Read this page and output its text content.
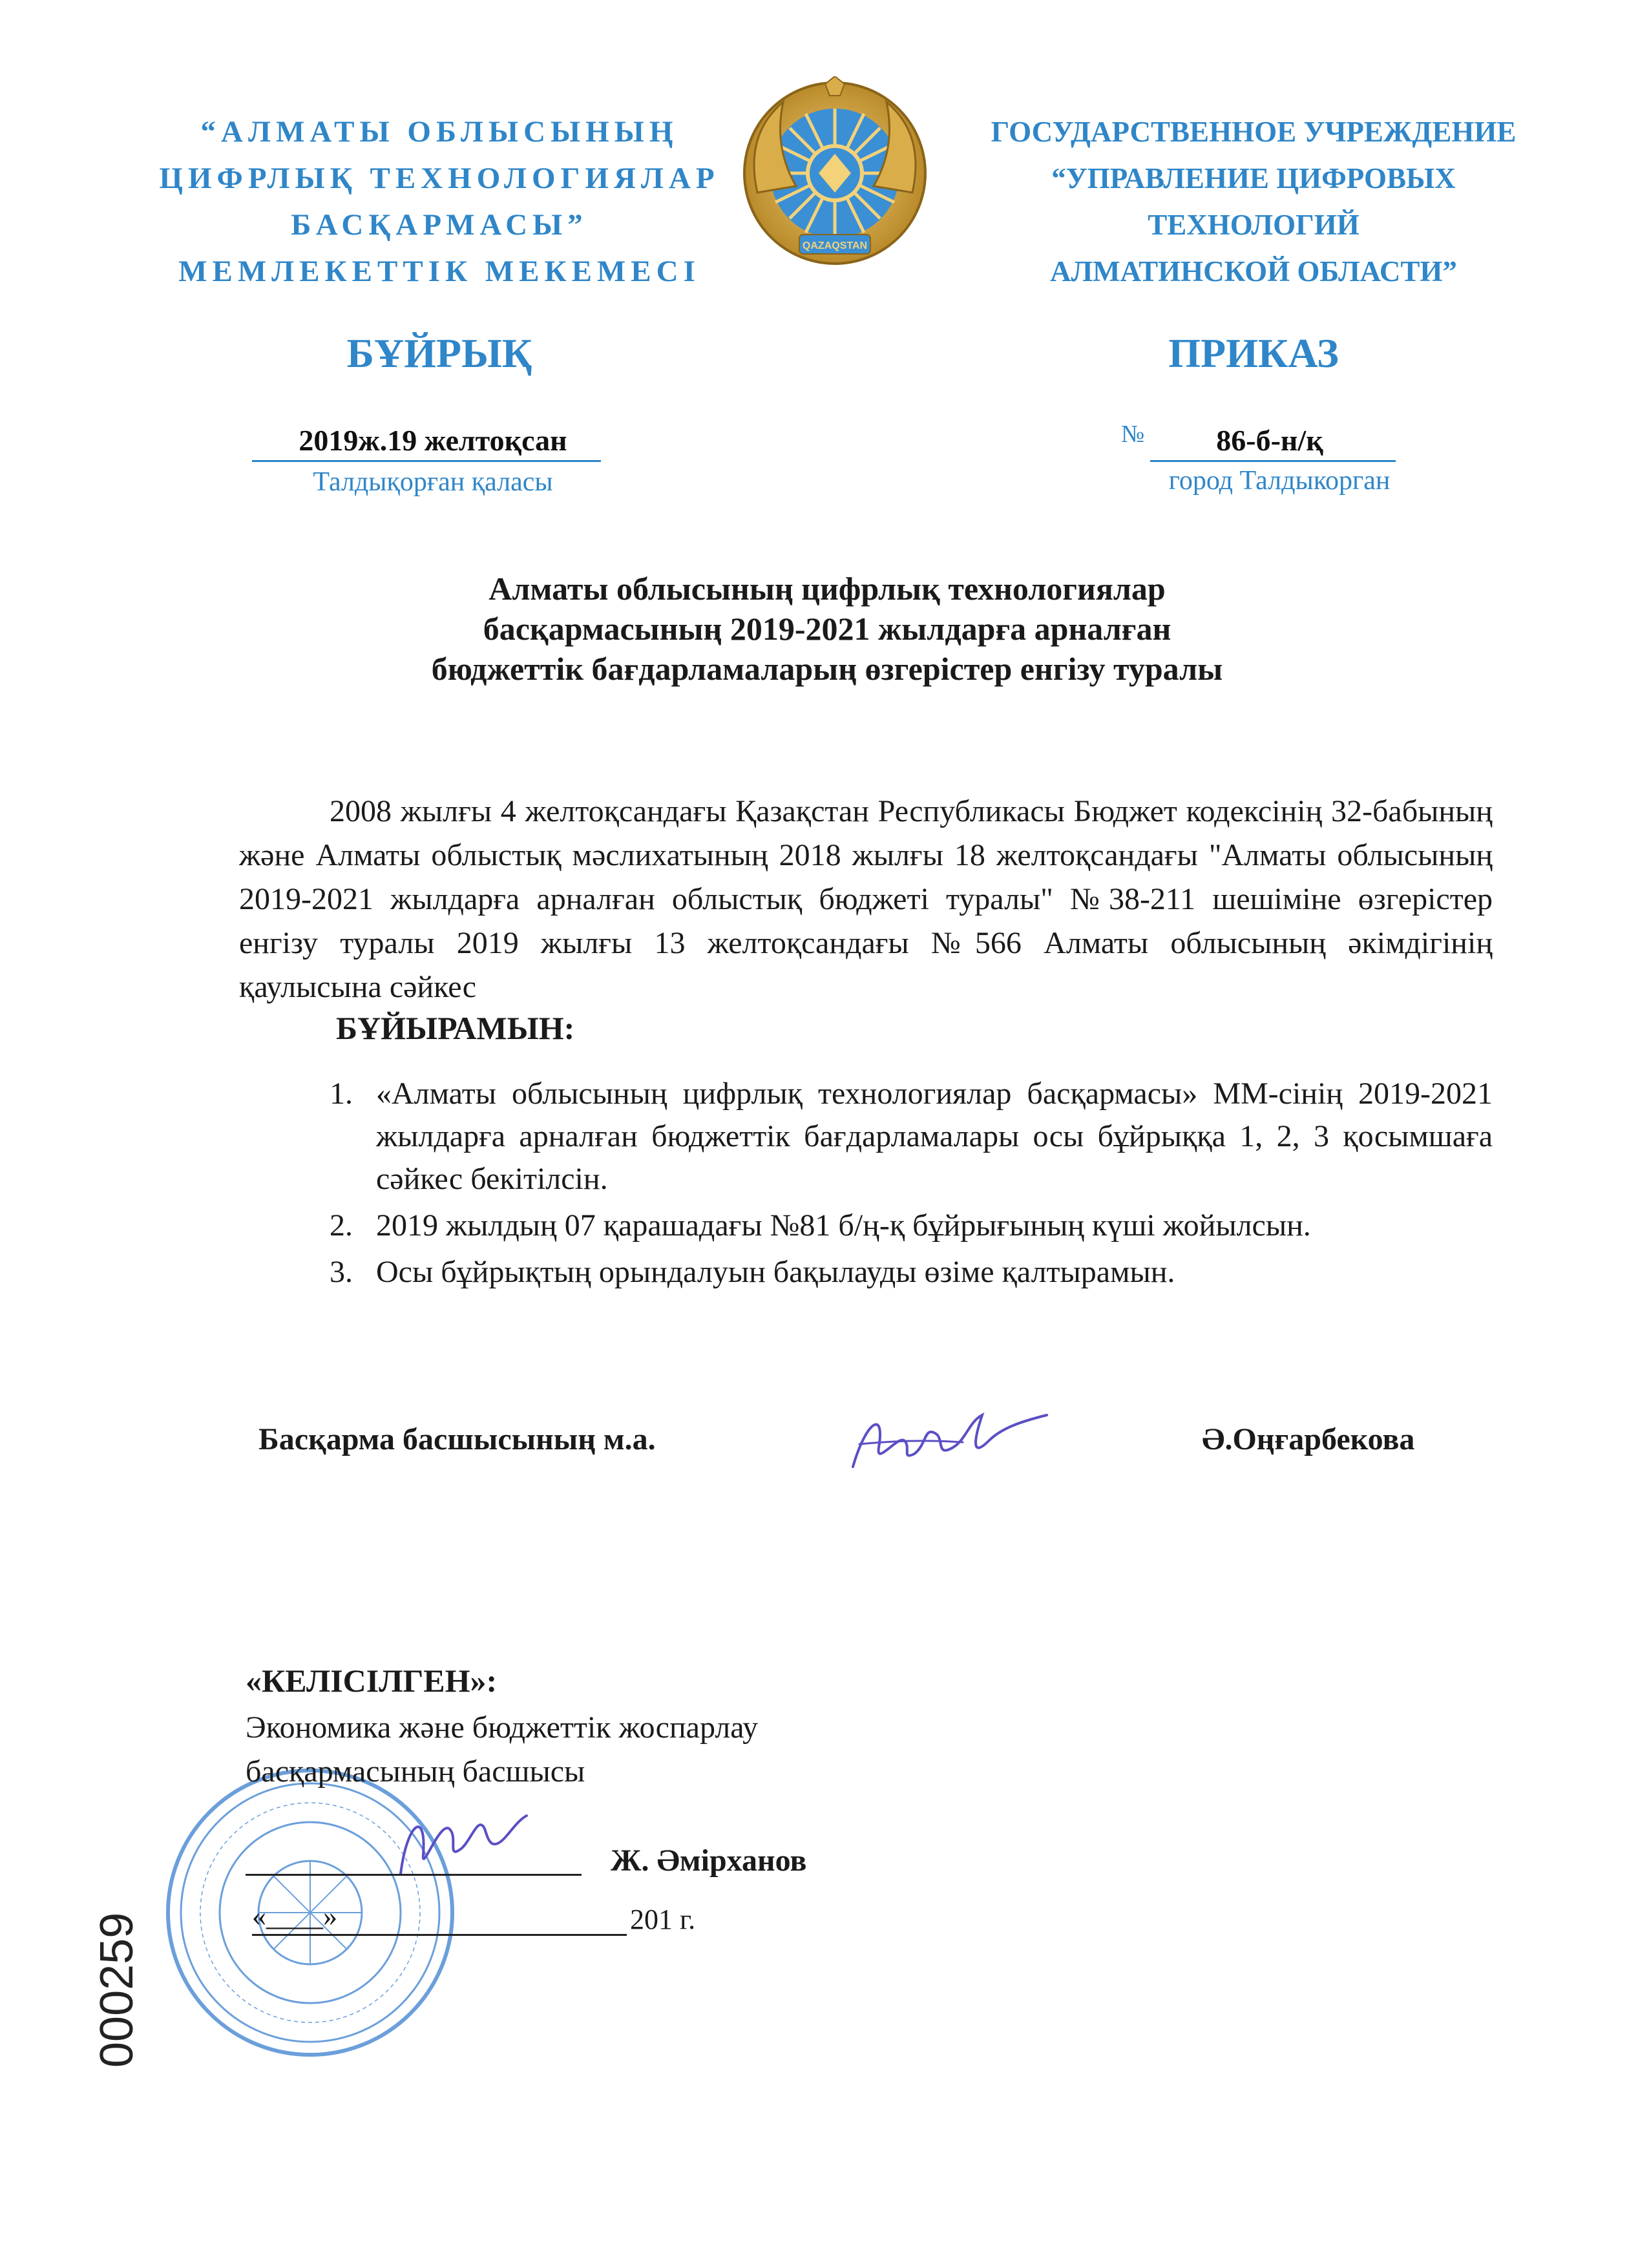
“АЛМАТЫ ОБЛЫСЫНЫҢ
ЦИФРЛЫҚ ТЕХНОЛОГИЯЛАР
БАСҚАРМАСЫ”
МЕМЛЕКЕТТІК МЕКЕМЕСІ
QAZAQSTAN
ГОСУДАРСТВЕННОЕ УЧРЕЖДЕНИЕ
“УПРАВЛЕНИЕ ЦИФРОВЫХ
ТЕХНОЛОГИЙ
АЛМАТИНСКОЙ ОБЛАСТИ”
БҰЙРЫҚ	ПРИКАЗ
2019ж.19 желтоқсан
Талдықорған қаласы
№	86-б-н/қ
город Талдыкорган
Алматы облысының цифрлық технологиялар
басқармасының 2019-2021 жылдарға арналған
бюджеттік бағдарламаларың өзгерістер енгізу туралы
2008 жылғы 4 желтоқсандағы Қазақстан Республикасы Бюджет кодексінің 32-бабының және Алматы облыстық мәслихатының 2018 жылғы 18 желтоқсандағы "Алматы облысының 2019-2021 жылдарға арналған облыстық бюджеті туралы" №38-211 шешіміне өзгерістер енгізу туралы 2019 жылғы 13 желтоқсандағы №566 Алматы облысының әкімдігінің қаулысына сәйкес
БҰЙЫРАМЫН:
1. «Алматы облысының цифрлық технологиялар басқармасы» ММ-сінің 2019-2021 жылдарға арналған бюджеттік бағдарламалары осы бұйрыққа 1, 2, 3 қосымшаға сәйкес бекітілсін.
2. 2019 жылдың 07 қарашадағы №81 б/ң-қ бұйрығының күші жойылсын.
3. Осы бұйрықтың орындалуын бақылауды өзіме қалтырамын.
Басқарма басшысының м.а.	Ә.Оңғарбекова
«КЕЛІСІЛГЕН»:
Экономика және бюджеттік жоспарлау
басқармасының басшысы
Ж. Әмірханов
«____»	201 г.
000259
